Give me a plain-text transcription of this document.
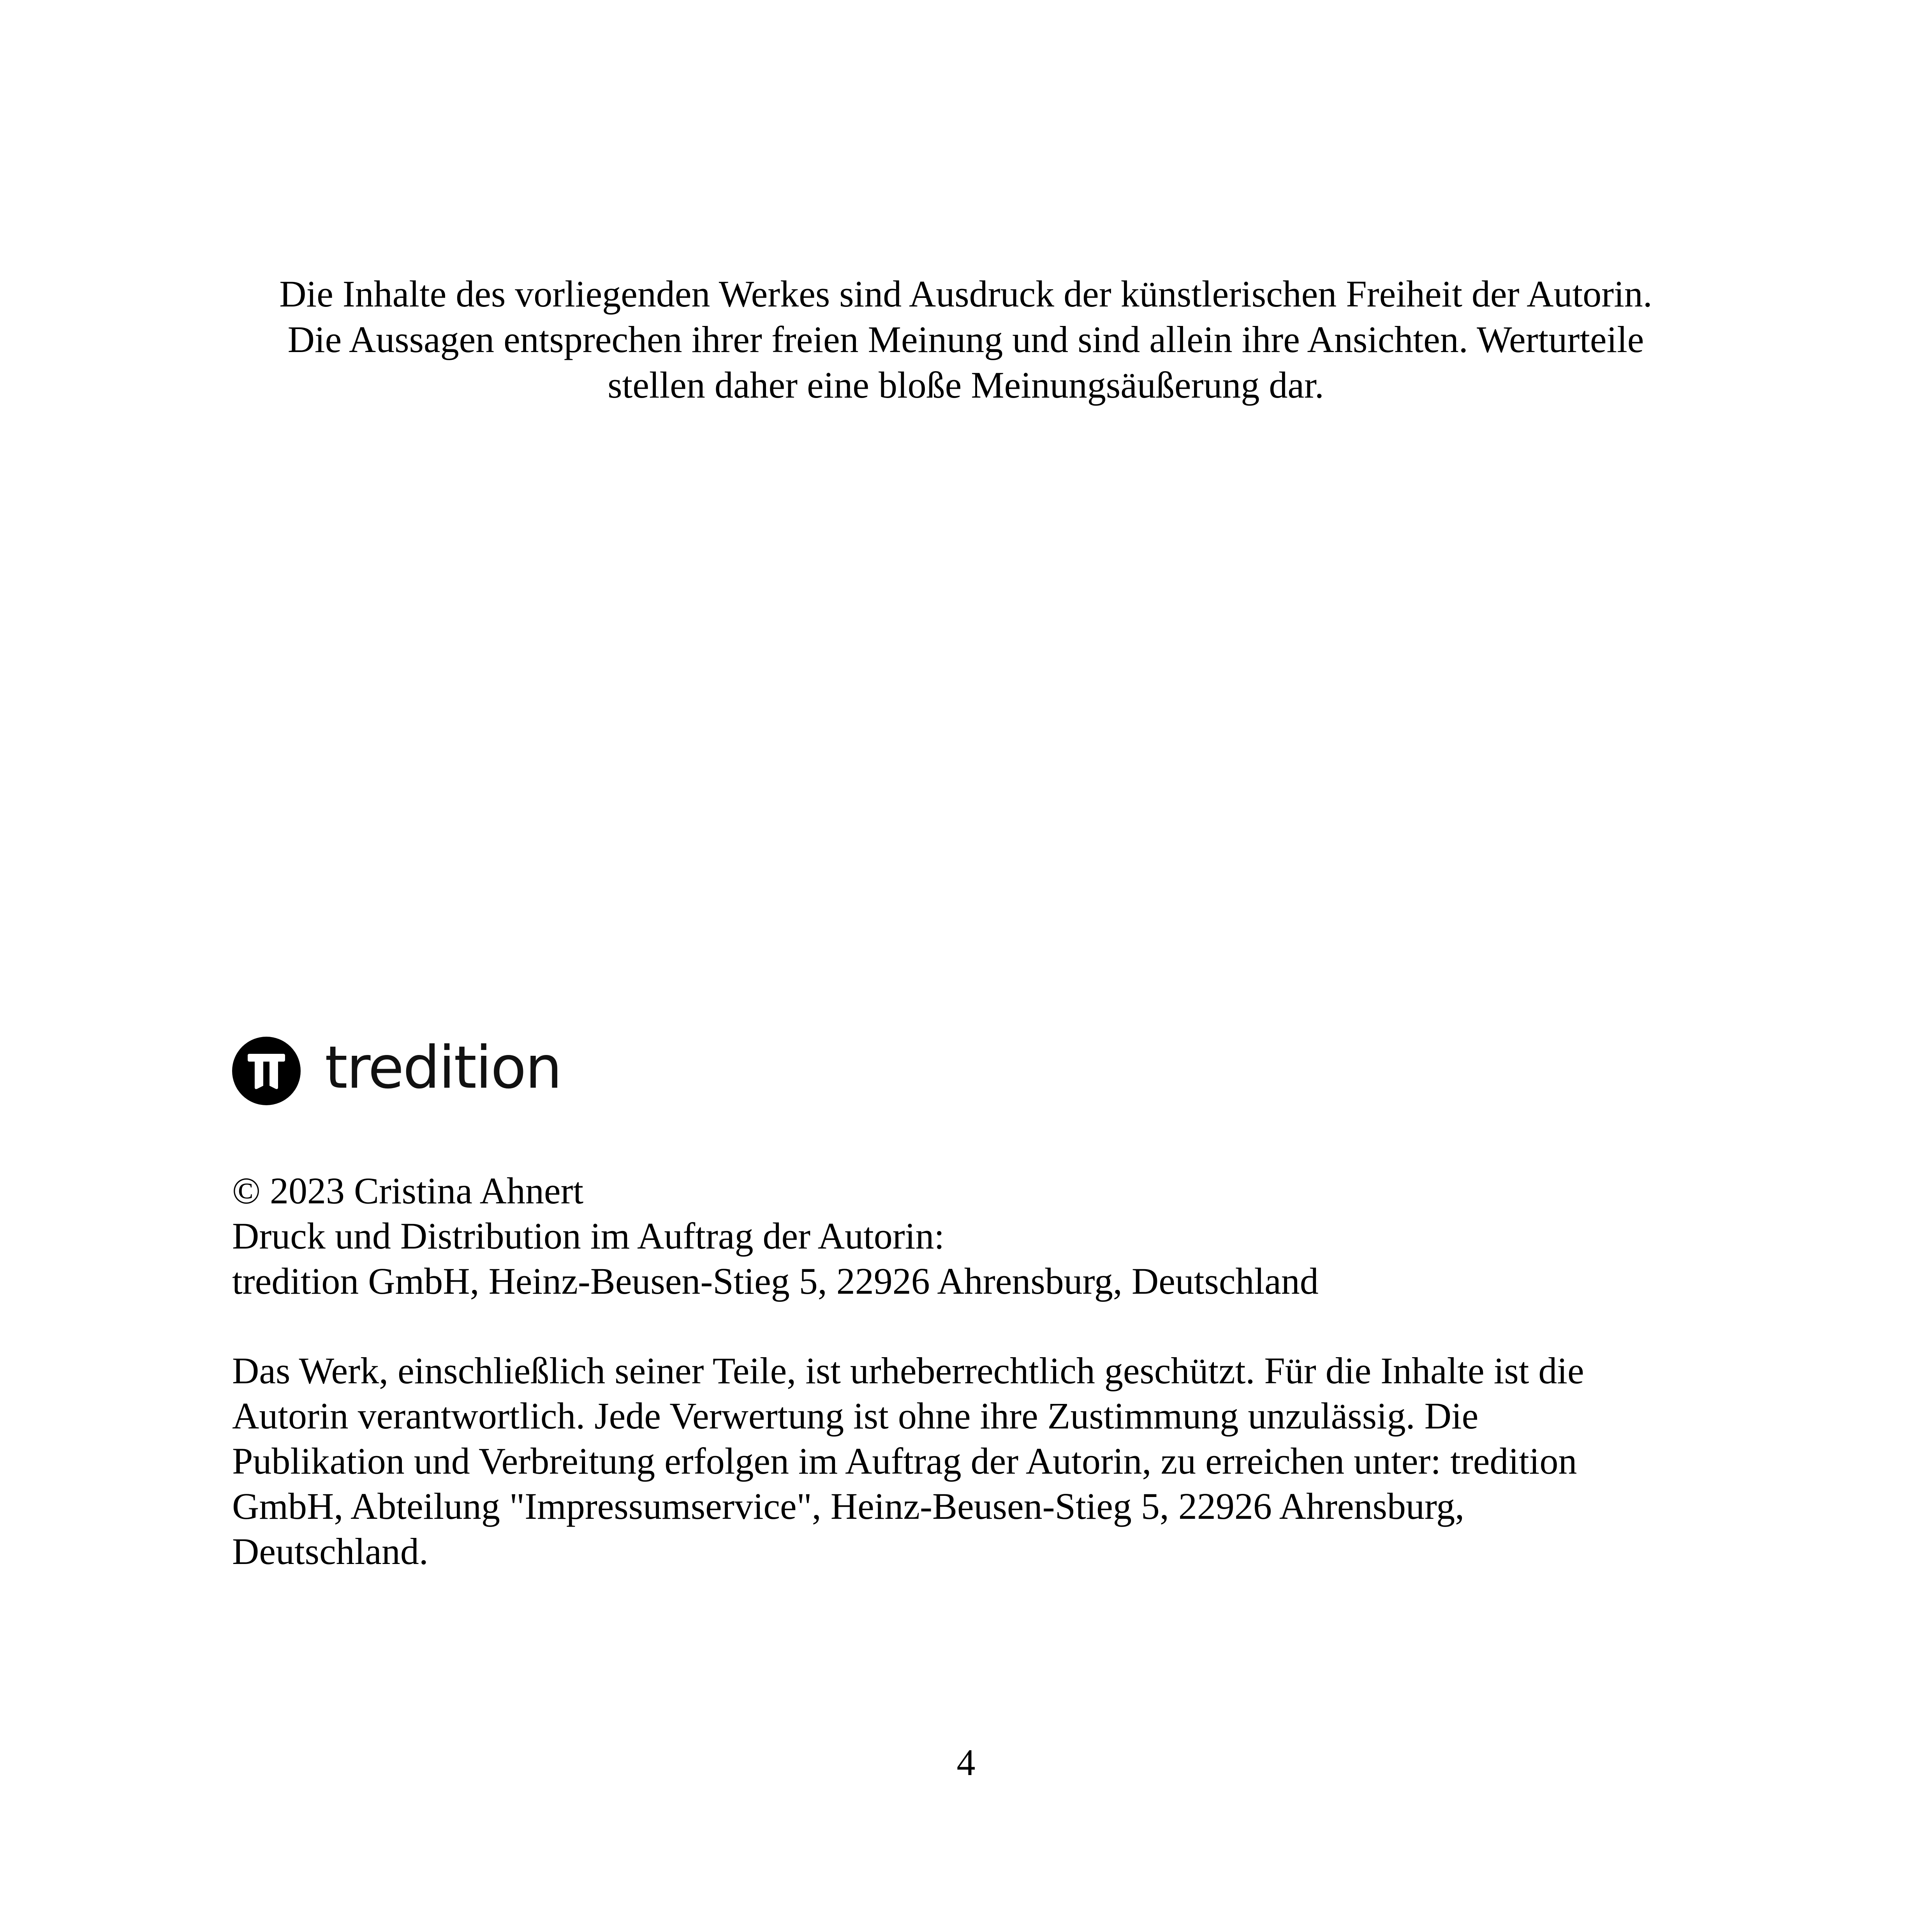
Die Inhalte des vorliegenden Werkes sind Ausdruck der künstlerischen Freiheit der Autorin.
Die Aussagen entsprechen ihrer freien Meinung und sind allein ihre Ansichten. Werturteile
stellen daher eine bloße Meinungsäußerung dar.
tredition
© 2023 Cristina Ahnert
Druck und Distribution im Auftrag der Autorin:
tredition GmbH, Heinz-Beusen-Stieg 5, 22926 Ahrensburg, Deutschland
Das Werk, einschließlich seiner Teile, ist urheberrechtlich geschützt. Für die Inhalte ist die
Autorin verantwortlich. Jede Verwertung ist ohne ihre Zustimmung unzulässig. Die
Publikation und Verbreitung erfolgen im Auftrag der Autorin, zu erreichen unter: tredition
GmbH, Abteilung "Impressumservice", Heinz-Beusen-Stieg 5, 22926 Ahrensburg,
Deutschland.
4
